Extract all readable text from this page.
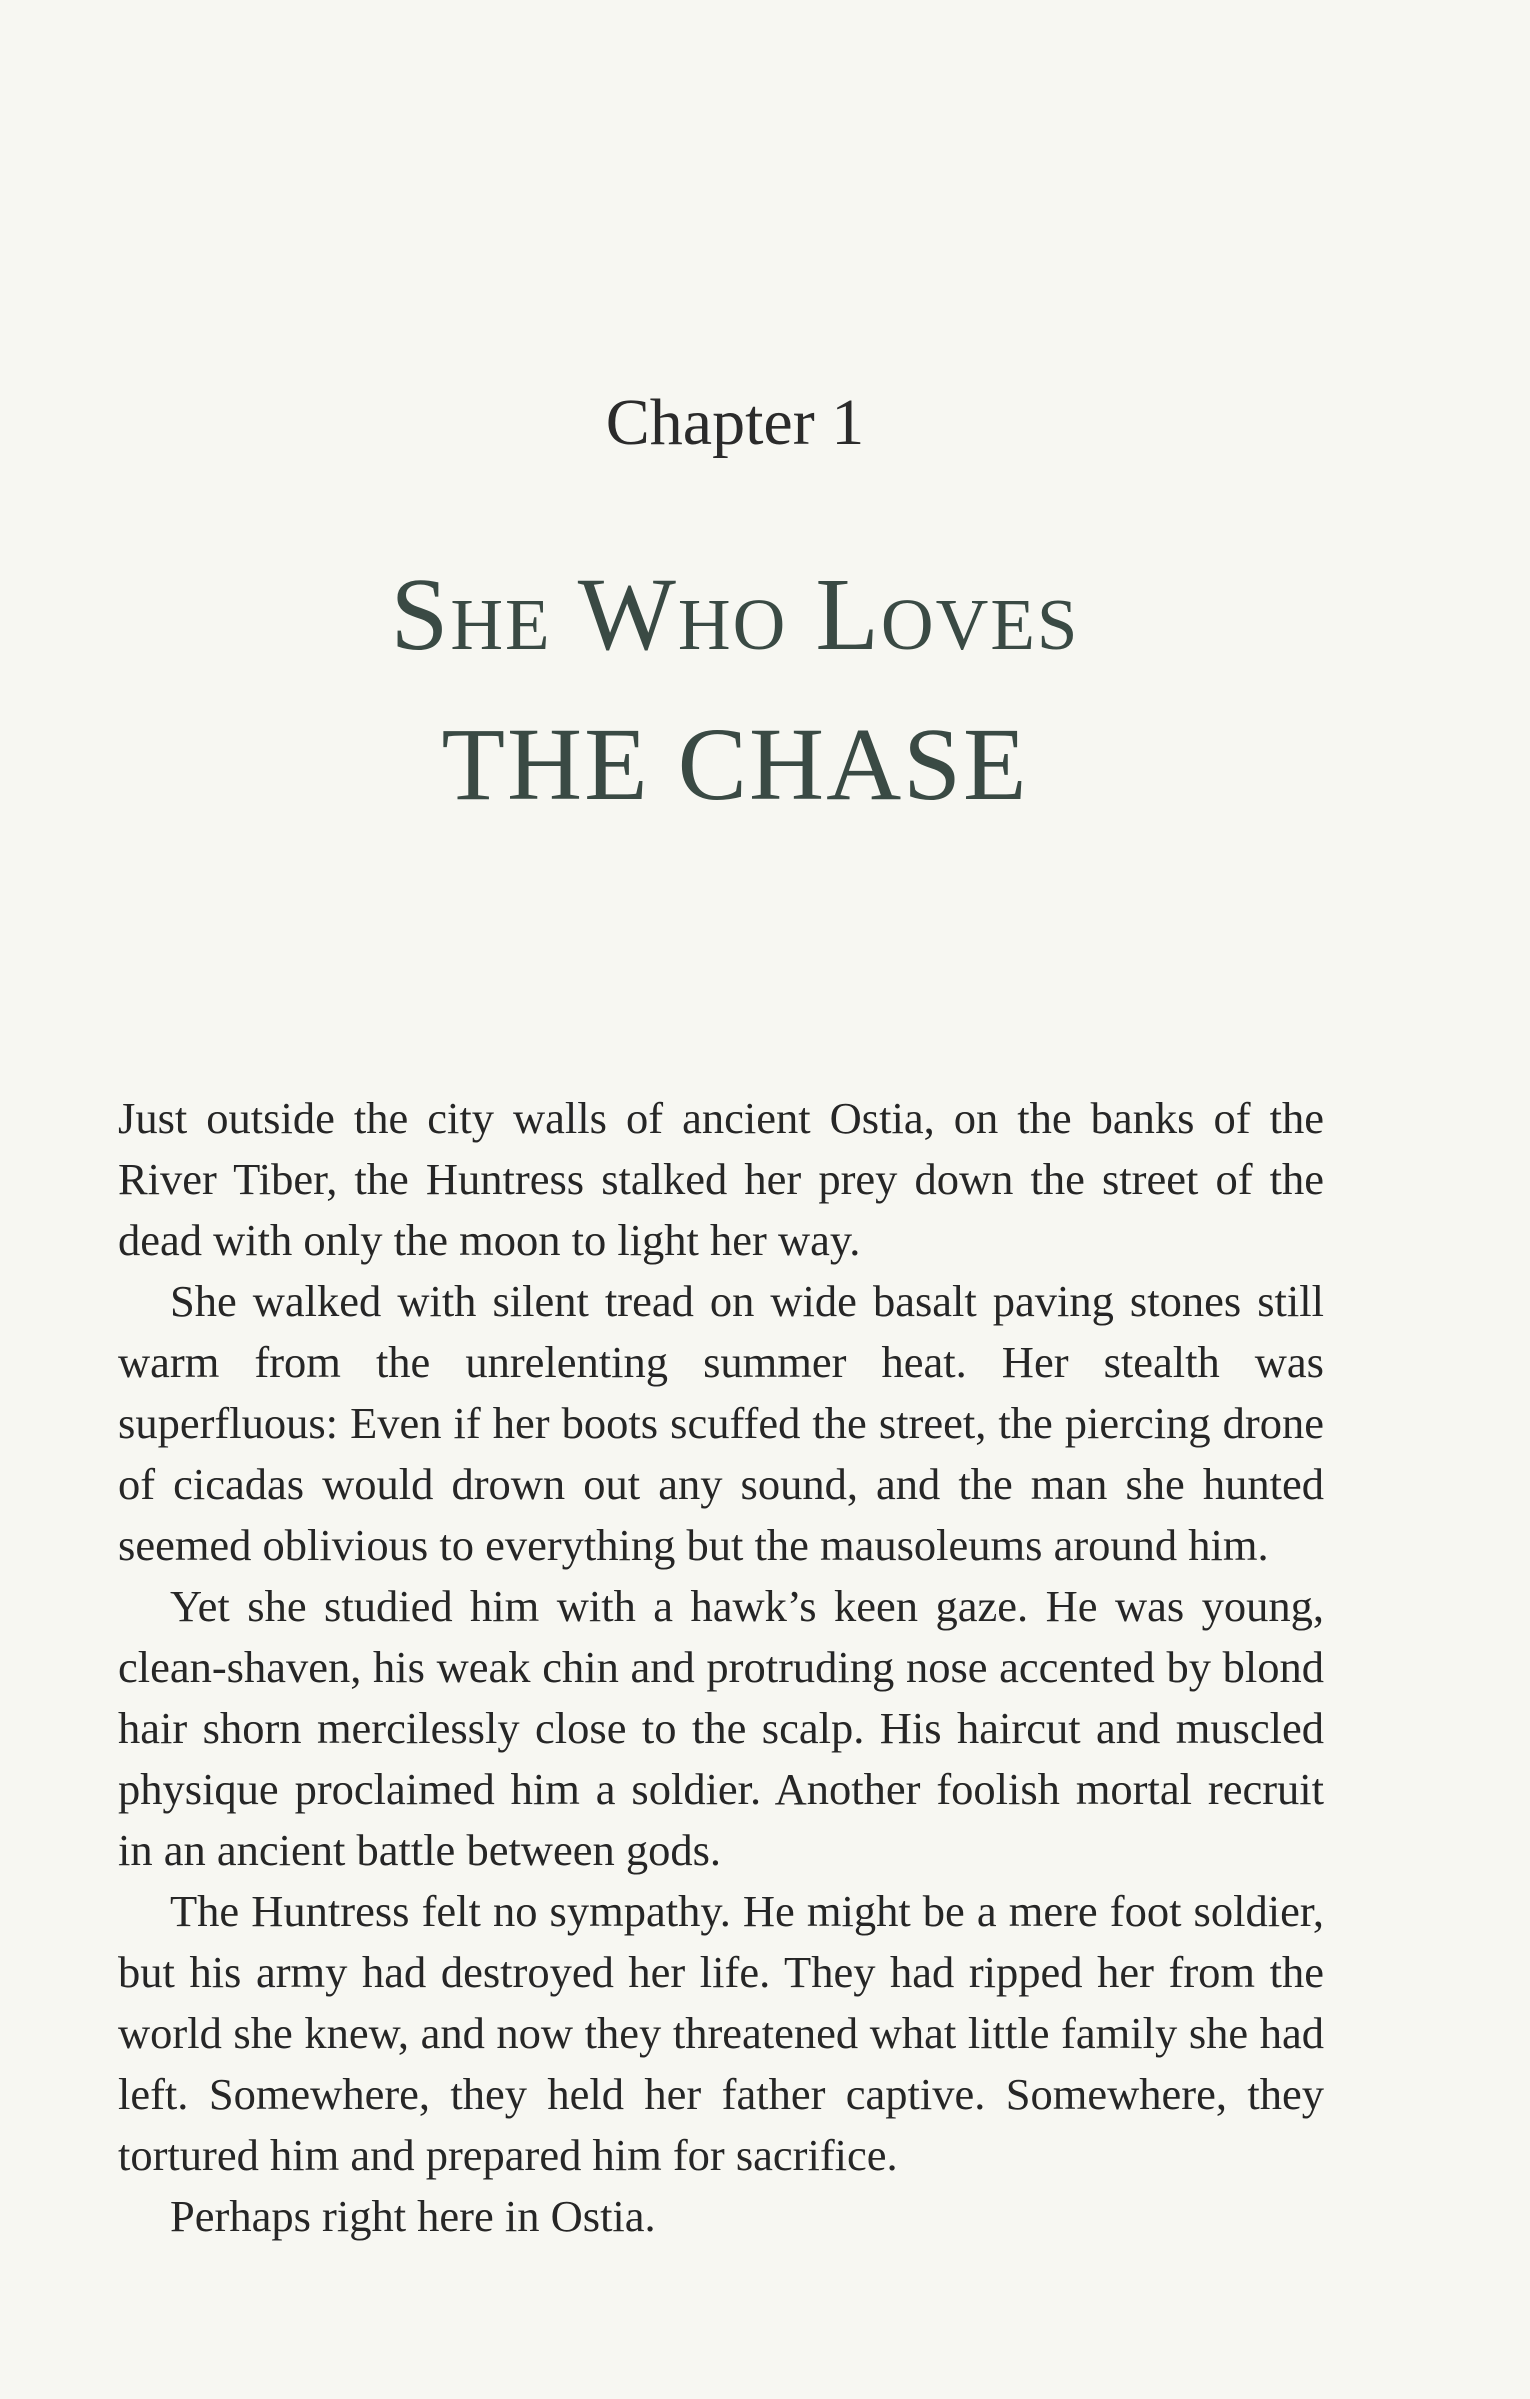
Chapter 1
She Who Loves
THE CHASE

Just outside the city walls of ancient Ostia, on the banks of the River Tiber, the Huntress stalked her prey down the street of the dead with only the moon to light her way.

She walked with silent tread on wide basalt paving stones still warm from the unrelenting summer heat. Her stealth was superfluous: Even if her boots scuffed the street, the piercing drone of cicadas would drown out any sound, and the man she hunted seemed oblivious to everything but the mausoleums around him.

Yet she studied him with a hawk’s keen gaze. He was young, clean-shaven, his weak chin and protruding nose accented by blond hair shorn mercilessly close to the scalp. His haircut and muscled physique proclaimed him a soldier. Another foolish mortal recruit in an ancient battle between gods.

The Huntress felt no sympathy. He might be a mere foot soldier, but his army had destroyed her life. They had ripped her from the world she knew, and now they threatened what little family she had left. Somewhere, they held her father captive. Somewhere, they tortured him and prepared him for sacrifice.

Perhaps right here in Ostia.
